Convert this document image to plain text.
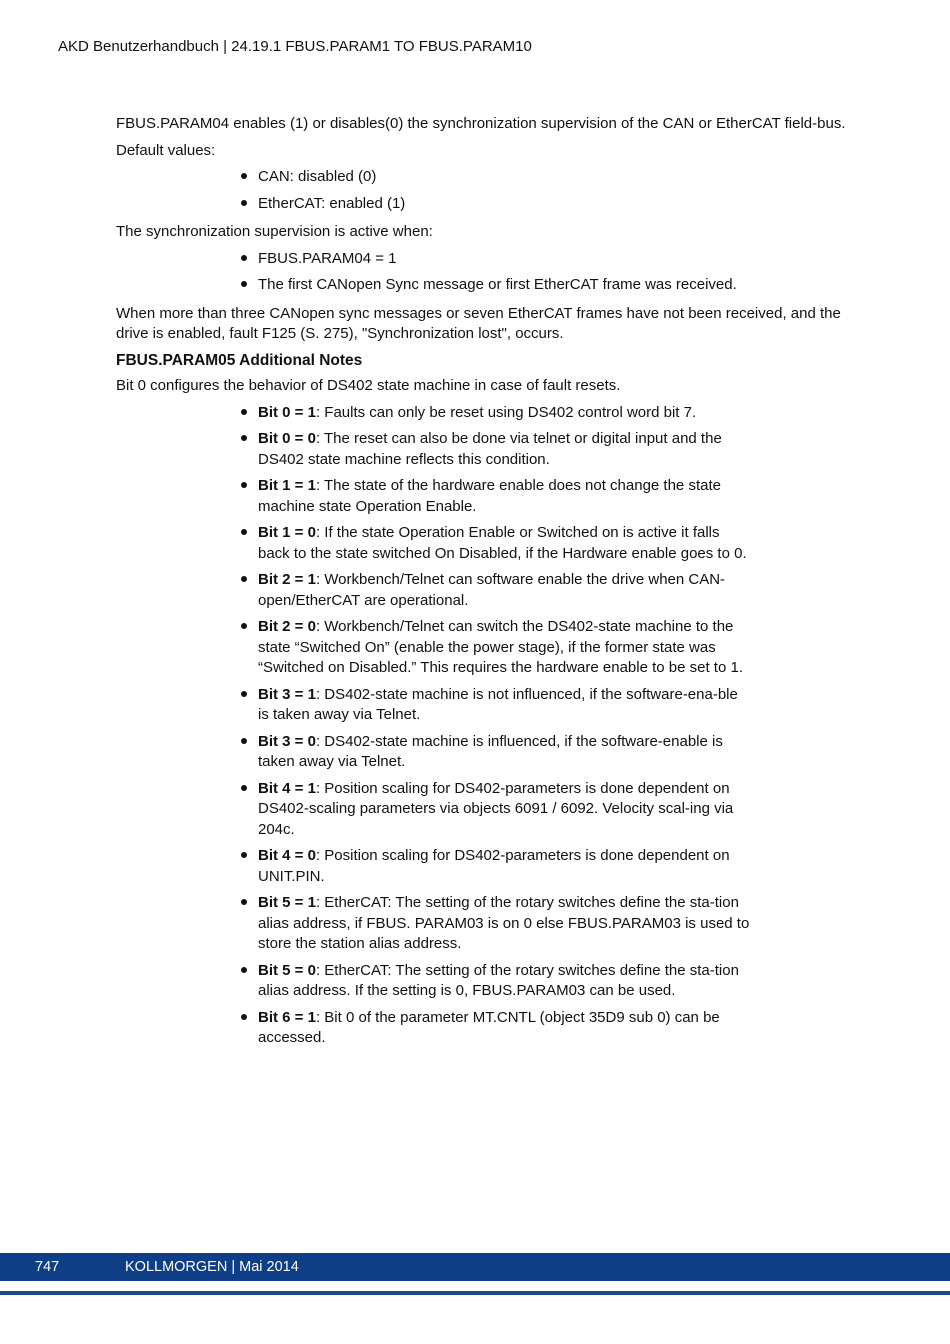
AKD Benutzerhandbuch | 24.19.1 FBUS.PARAM1 TO FBUS.PARAM10

FBUS.PARAM04 enables (1) or disables(0) the synchronization supervision of the CAN or EtherCAT field-bus.

Default values:

CAN: disabled (0)
EtherCAT: enabled (1)

The synchronization supervision is active when:

FBUS.PARAM04 = 1
The first CANopen Sync message or first EtherCAT frame was received.

When more than three CANopen sync messages or seven EtherCAT frames have not been received, and the drive is enabled, fault F125 (S. 275), "Synchronization lost", occurs.

FBUS.PARAM05 Additional Notes

Bit 0 configures the behavior of DS402 state machine in case of fault resets.

Bit 0 = 1: Faults can only be reset using DS402 control word bit 7.
Bit 0 = 0: The reset can also be done via telnet or digital input and the DS402 state machine reflects this condition.
Bit 1 = 1: The state of the hardware enable does not change the state machine state Operation Enable.
Bit 1 = 0: If the state Operation Enable or Switched on is active it falls back to the state switched On Disabled, if the Hardware enable goes to 0.
Bit 2 = 1: Workbench/Telnet can software enable the drive when CAN-open/EtherCAT are operational.
Bit 2 = 0: Workbench/Telnet can switch the DS402-state machine to the state “Switched On” (enable the power stage), if the former state was “Switched on Disabled.” This requires the hardware enable to be set to 1.
Bit 3 = 1: DS402-state machine is not influenced, if the software-ena-ble is taken away via Telnet.
Bit 3 = 0: DS402-state machine is influenced, if the software-enable is taken away via Telnet.
Bit 4 = 1: Position scaling for DS402-parameters is done dependent on DS402-scaling parameters via objects 6091 / 6092. Velocity scal-ing via 204c.
Bit 4 = 0: Position scaling for DS402-parameters is done dependent on UNIT.PIN.
Bit 5 = 1: EtherCAT: The setting of the rotary switches define the sta-tion alias address, if FBUS. PARAM03 is on 0 else FBUS.PARAM03 is used to store the station alias address.
Bit 5 = 0: EtherCAT: The setting of the rotary switches define the sta-tion alias address. If the setting is 0, FBUS.PARAM03 can be used.
Bit 6 = 1: Bit 0 of the parameter MT.CNTL (object 35D9 sub 0) can be accessed.
747	KOLLMORGEN | Mai 2014
